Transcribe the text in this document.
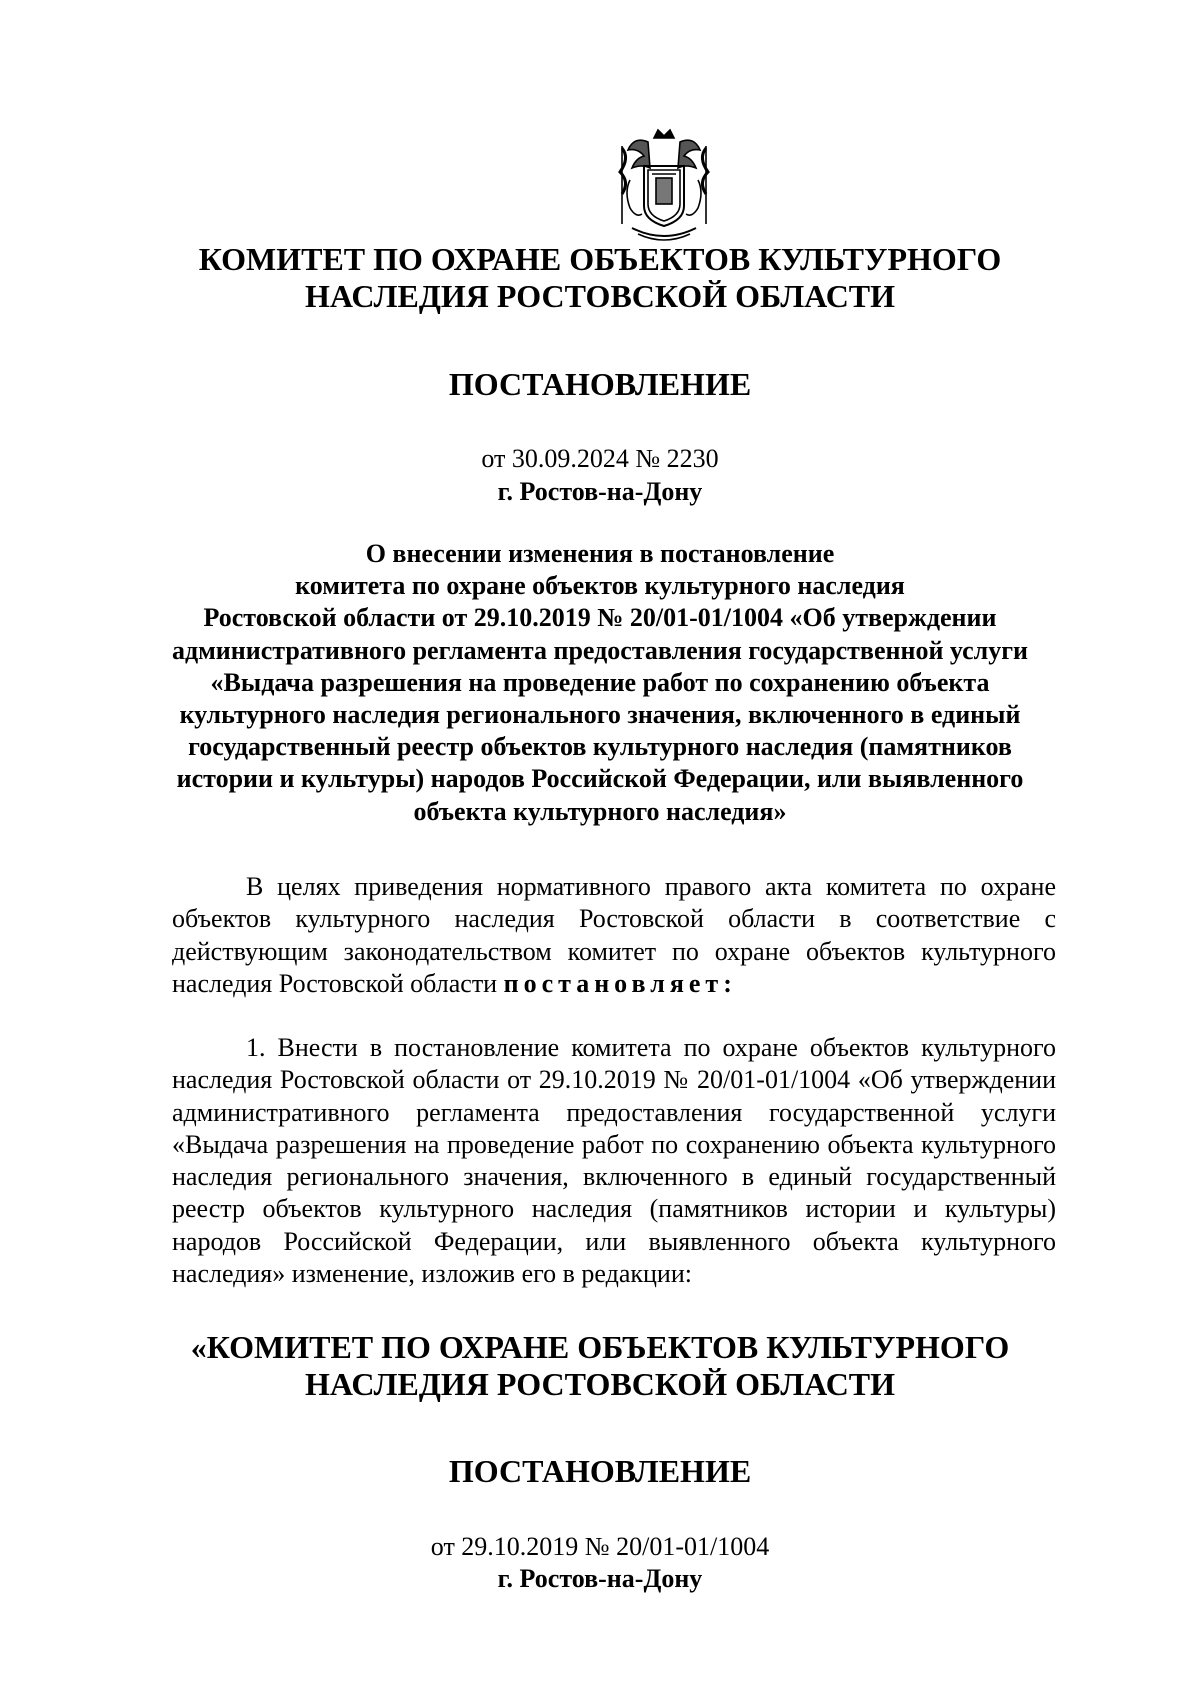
КОМИТЕТ ПО ОХРАНЕ ОБЪЕКТОВ КУЛЬТУРНОГО
НАСЛЕДИЯ РОСТОВСКОЙ ОБЛАСТИ
ПОСТАНОВЛЕНИЕ
от 30.09.2024 № 2230
г. Ростов-на-Дону
О внесении изменения в постановление
комитета по охране объектов культурного наследия
Ростовской области от 29.10.2019 № 20/01-01/1004 «Об утверждении
административного регламента предоставления государственной услуги
«Выдача разрешения на проведение работ по сохранению объекта
культурного наследия регионального значения, включенного в единый
государственный реестр объектов культурного наследия (памятников
истории и культуры) народов Российской Федерации, или выявленного
объекта культурного наследия»
В целях приведения нормативного правого акта комитета по охране объектов культурного наследия Ростовской области в соответствие с действующим законодательством комитет по охране объектов культурного наследия Ростовской области постановляет:
1. Внести в постановление комитета по охране объектов культурного наследия Ростовской области от 29.10.2019 № 20/01-01/1004 «Об утверждении административного регламента предоставления государственной услуги «Выдача разрешения на проведение работ по сохранению объекта культурного наследия регионального значения, включенного в единый государственный реестр объектов культурного наследия (памятников истории и культуры) народов Российской Федерации, или выявленного объекта культурного наследия» изменение, изложив его в редакции:
«КОМИТЕТ ПО ОХРАНЕ ОБЪЕКТОВ КУЛЬТУРНОГО
НАСЛЕДИЯ РОСТОВСКОЙ ОБЛАСТИ
ПОСТАНОВЛЕНИЕ
от 29.10.2019 № 20/01-01/1004
г. Ростов-на-Дону
